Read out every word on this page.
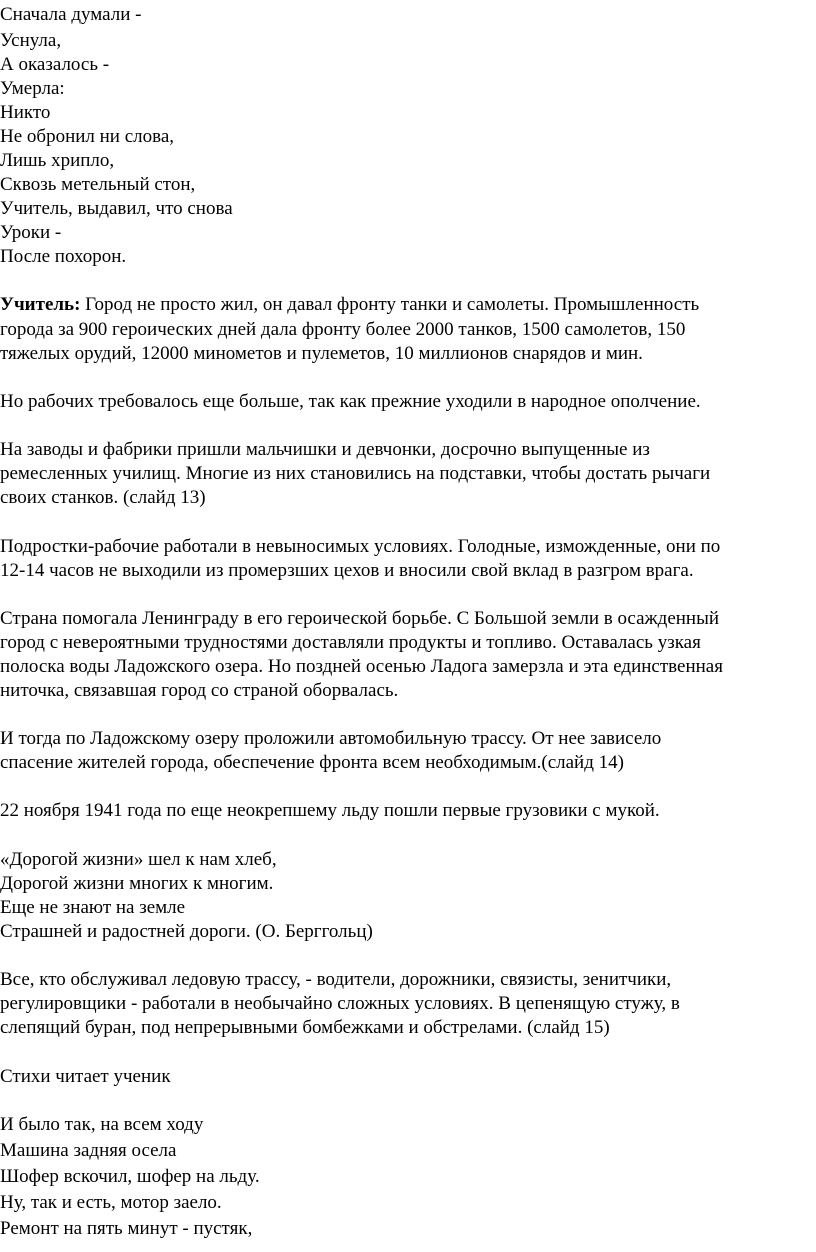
Сначала думали -
Уснула,
А оказалось -
Умерла:
Никто
Не обронил ни слова,
Лишь хрипло,
Сквозь метельный стон,
Учитель, выдавил, что снова
Уроки -
После похорон.
Учитель: Город не просто жил, он давал фронту танки и самолеты. Промышленность
города за 900 героических дней дала фронту более 2000 танков, 1500 самолетов, 150
тяжелых орудий, 12000 минометов и пулеметов, 10 миллионов снарядов и мин.
Но рабочих требовалось еще больше, так как прежние уходили в народное ополчение.
На заводы и фабрики пришли мальчишки и девчонки, досрочно выпущенные из
ремесленных училищ. Многие из них становились на подставки, чтобы достать рычаги
своих станков. (слайд 13)
Подростки-рабочие работали в невыносимых условиях. Голодные, изможденные, они по
12-14 часов не выходили из промерзших цехов и вносили свой вклад в разгром врага.
Страна помогала Ленинграду в его героической борьбе. С Большой земли в осажденный
город с невероятными трудностями доставляли продукты и топливо. Оставалась узкая
полоска воды Ладожского озера. Но поздней осенью Ладога замерзла и эта единственная
ниточка, связавшая город со страной оборвалась.
И тогда по Ладожскому озеру проложили автомобильную трассу. От нее зависело
спасение жителей города, обеспечение фронта всем необходимым.(слайд 14)
22 ноября 1941 года по еще неокрепшему льду пошли первые грузовики с мукой.
«Дорогой жизни» шел к нам хлеб,
Дорогой жизни многих к многим.
Еще не знают на земле
Страшней и радостней дороги. (О. Берггольц)
Все, кто обслуживал ледовую трассу, - водители, дорожники, связисты, зенитчики,
регулировщики - работали в необычайно сложных условиях. В цепенящую стужу, в
слепящий буран, под непрерывными бомбежками и обстрелами. (слайд 15)
Стихи читает ученик
И было так, на всем ходу
Машина задняя осела
Шофер вскочил, шофер на льду.
Ну, так и есть, мотор заело.
Ремонт на пять минут - пустяк,
